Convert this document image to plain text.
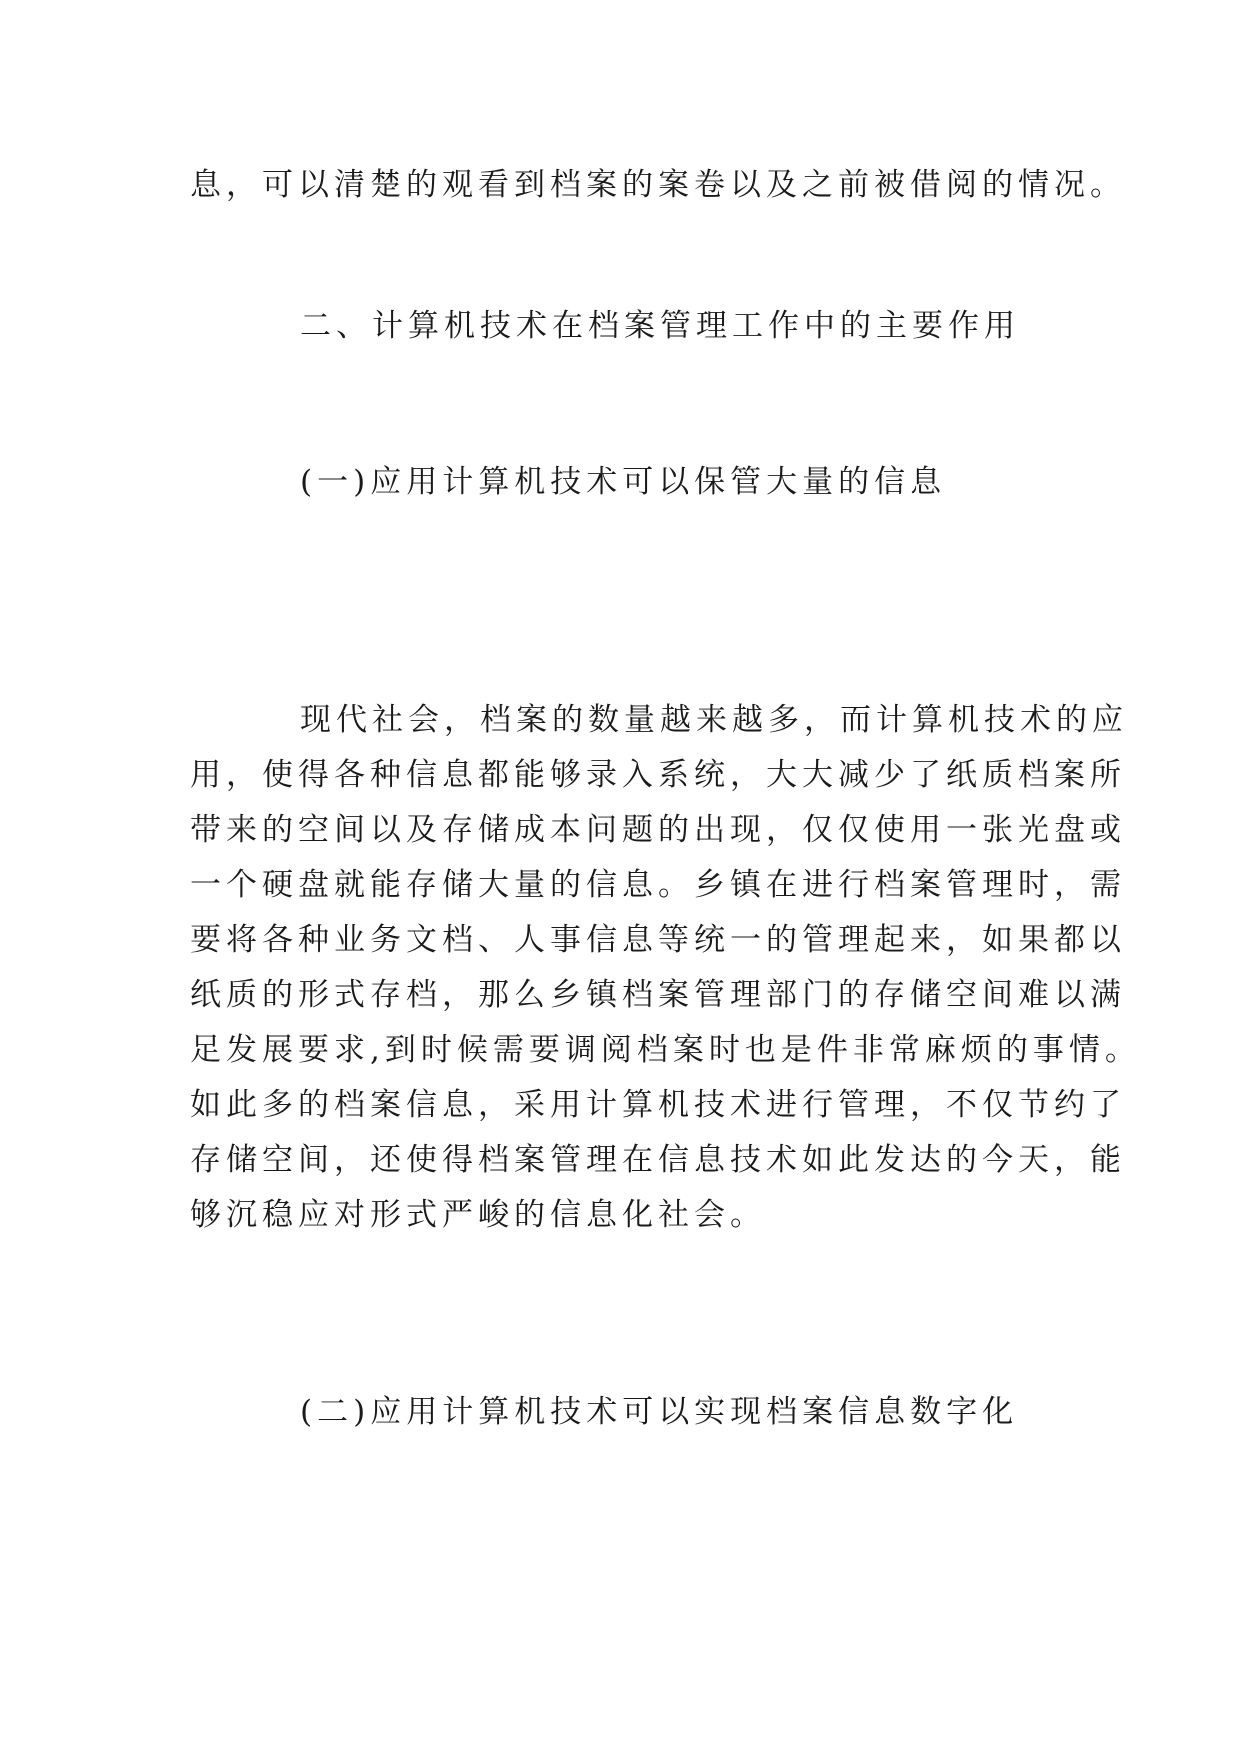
息，可以清楚的观看到档案的案卷以及之前被借阅的情况。
二、计算机技术在档案管理工作中的主要作用
(一)应用计算机技术可以保管大量的信息
现代社会，档案的数量越来越多，而计算机技术的应
用，使得各种信息都能够录入系统，大大减少了纸质档案所
带来的空间以及存储成本问题的出现，仅仅使用一张光盘或
一个硬盘就能存储大量的信息。乡镇在进行档案管理时，需
要将各种业务文档、人事信息等统一的管理起来，如果都以
纸质的形式存档，那么乡镇档案管理部门的存储空间难以满
足发展要求,到时候需要调阅档案时也是件非常麻烦的事情。
如此多的档案信息，采用计算机技术进行管理，不仅节约了
存储空间，还使得档案管理在信息技术如此发达的今天，能
够沉稳应对形式严峻的信息化社会。
(二)应用计算机技术可以实现档案信息数字化
